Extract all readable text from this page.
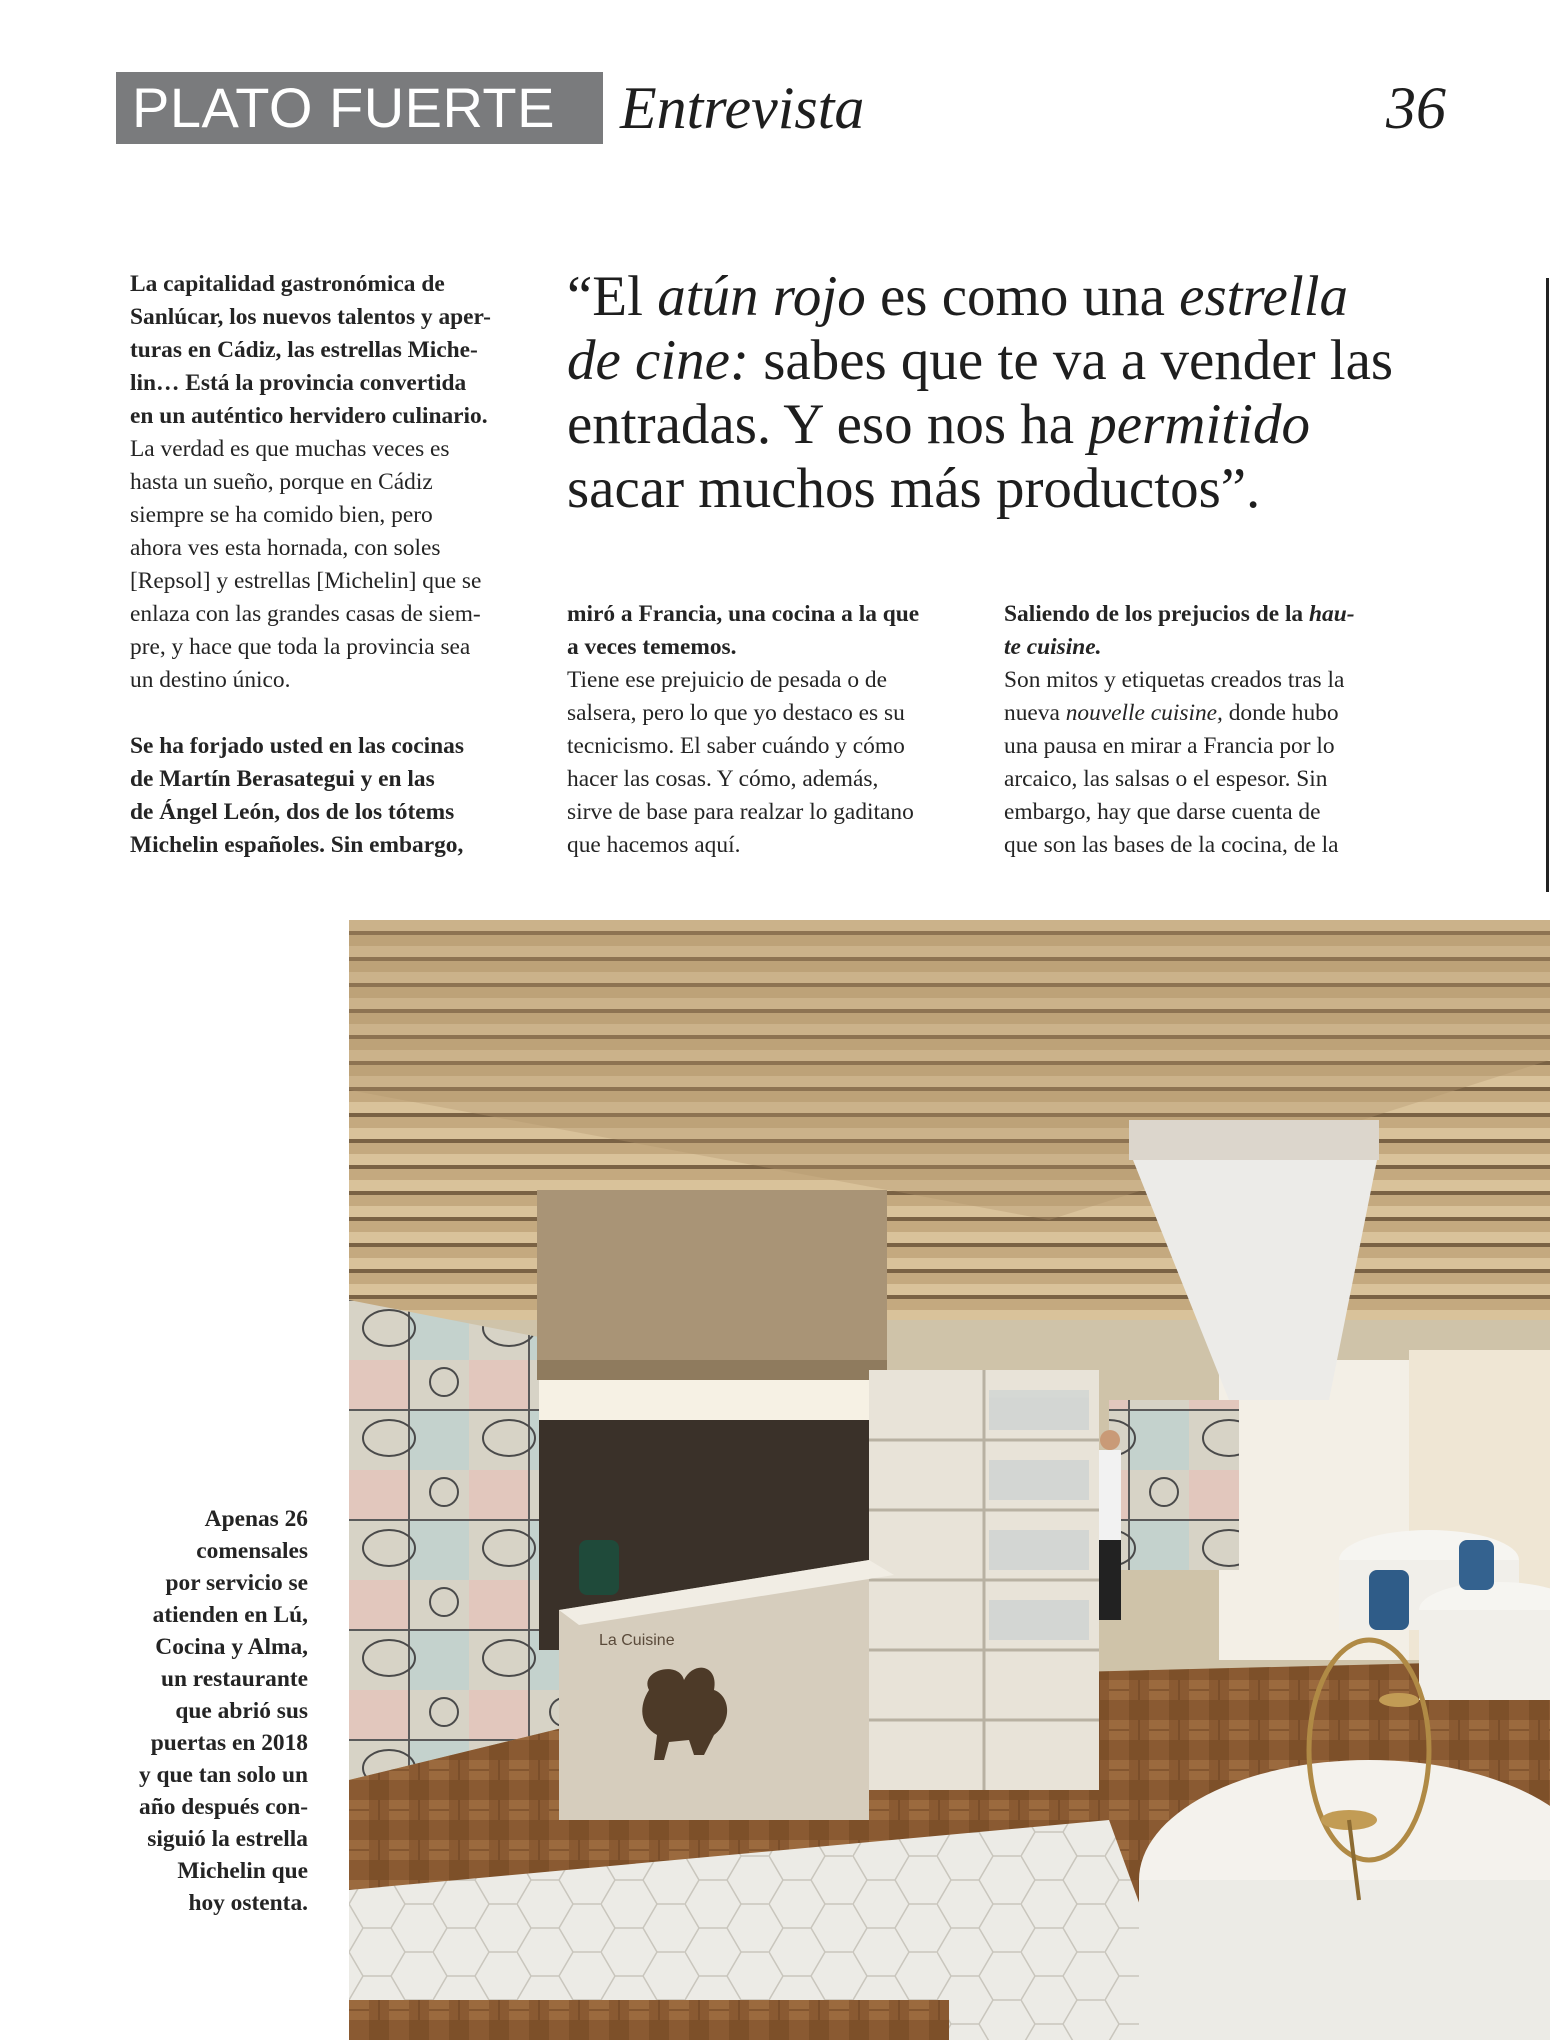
PLATO FUERTE	Entrevista	36

La capitalidad gastronómica de

Sanlúcar, los nuevos talentos y aper-

turas en Cádiz, las estrellas Miche-

lin… Está la provincia convertida

en un auténtico hervidero culinario.

La verdad es que muchas veces es

hasta un sueño, porque en Cádiz

siempre se ha comido bien, pero

ahora ves esta hornada, con soles

[Repsol] y estrellas [Michelin] que se

enlaza con las grandes casas de siem-

pre, y hace que toda la provincia sea

un destino único.

Se ha forjado usted en las cocinas

de Martín Berasategui y en las

de Ángel León, dos de los tótems

Michelin españoles. Sin embargo,

“El atún rojo es como una estrella de cine: sabes que te va a vender las entradas. Y eso nos ha permitido sacar muchos más productos”.

miró a Francia, una cocina a la que

a veces tememos.

Tiene ese prejuicio de pesada o de

salsera, pero lo que yo destaco es su

tecnicismo. El saber cuándo y cómo

hacer las cosas. Y cómo, además,

sirve de base para realzar lo gaditano

que hacemos aquí.

Saliendo de los prejucios de la hau-

te cuisine.

Son mitos y etiquetas creados tras la

nueva nouvelle cuisine, donde hubo

una pausa en mirar a Francia por lo

arcaico, las salsas o el espesor. Sin

embargo, hay que darse cuenta de

que son las bases de la cocina, de la

Apenas 26
comensales
por servicio se
atienden en Lú,
Cocina y Alma,
un restaurante
que abrió sus
puertas en 2018
y que tan solo un
año después con-
siguió la estrella
Michelin que
hoy ostenta.
La Cuisine
